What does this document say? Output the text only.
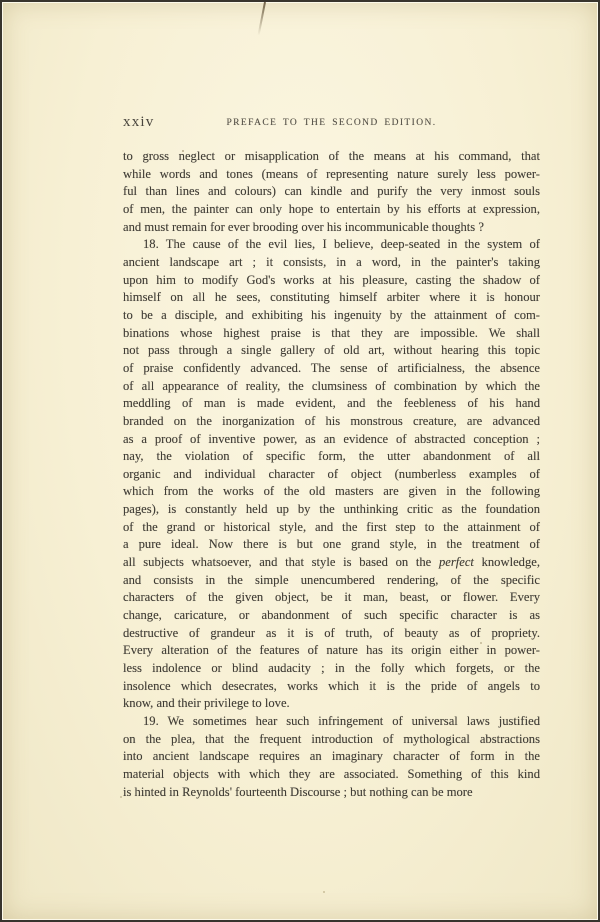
xxiv	PREFACE TO THE SECOND EDITION.
to gross neglect or misapplication of the means at his command, that
while words and tones (means of representing nature surely less power-
ful than lines and colours) can kindle and purify the very inmost souls
of men, the painter can only hope to entertain by his efforts at expression,
and must remain for ever brooding over his incommunicable thoughts ?
18. The cause of the evil lies, I believe, deep-seated in the system of
ancient landscape art ; it consists, in a word, in the painter's taking
upon him to modify God's works at his pleasure, casting the shadow of
himself on all he sees, constituting himself arbiter where it is honour
to be a disciple, and exhibiting his ingenuity by the attainment of com-
binations whose highest praise is that they are impossible. We shall
not pass through a single gallery of old art, without hearing this topic
of praise confidently advanced. The sense of artificialness, the absence
of all appearance of reality, the clumsiness of combination by which the
meddling of man is made evident, and the feebleness of his hand
branded on the inorganization of his monstrous creature, are advanced
as a proof of inventive power, as an evidence of abstracted conception ;
nay, the violation of specific form, the utter abandonment of all
organic and individual character of object (numberless examples of
which from the works of the old masters are given in the following
pages), is constantly held up by the unthinking critic as the foundation
of the grand or historical style, and the first step to the attainment of
a pure ideal. Now there is but one grand style, in the treatment of
all subjects whatsoever, and that style is based on the perfect knowledge,
and consists in the simple unencumbered rendering, of the specific
characters of the given object, be it man, beast, or flower. Every
change, caricature, or abandonment of such specific character is as
destructive of grandeur as it is of truth, of beauty as of propriety.
Every alteration of the features of nature has its origin either in power-
less indolence or blind audacity ; in the folly which forgets, or the
insolence which desecrates, works which it is the pride of angels to
know, and their privilege to love.
19. We sometimes hear such infringement of universal laws justified
on the plea, that the frequent introduction of mythological abstractions
into ancient landscape requires an imaginary character of form in the
material objects with which they are associated. Something of this kind
is hinted in Reynolds' fourteenth Discourse ; but nothing can be more
